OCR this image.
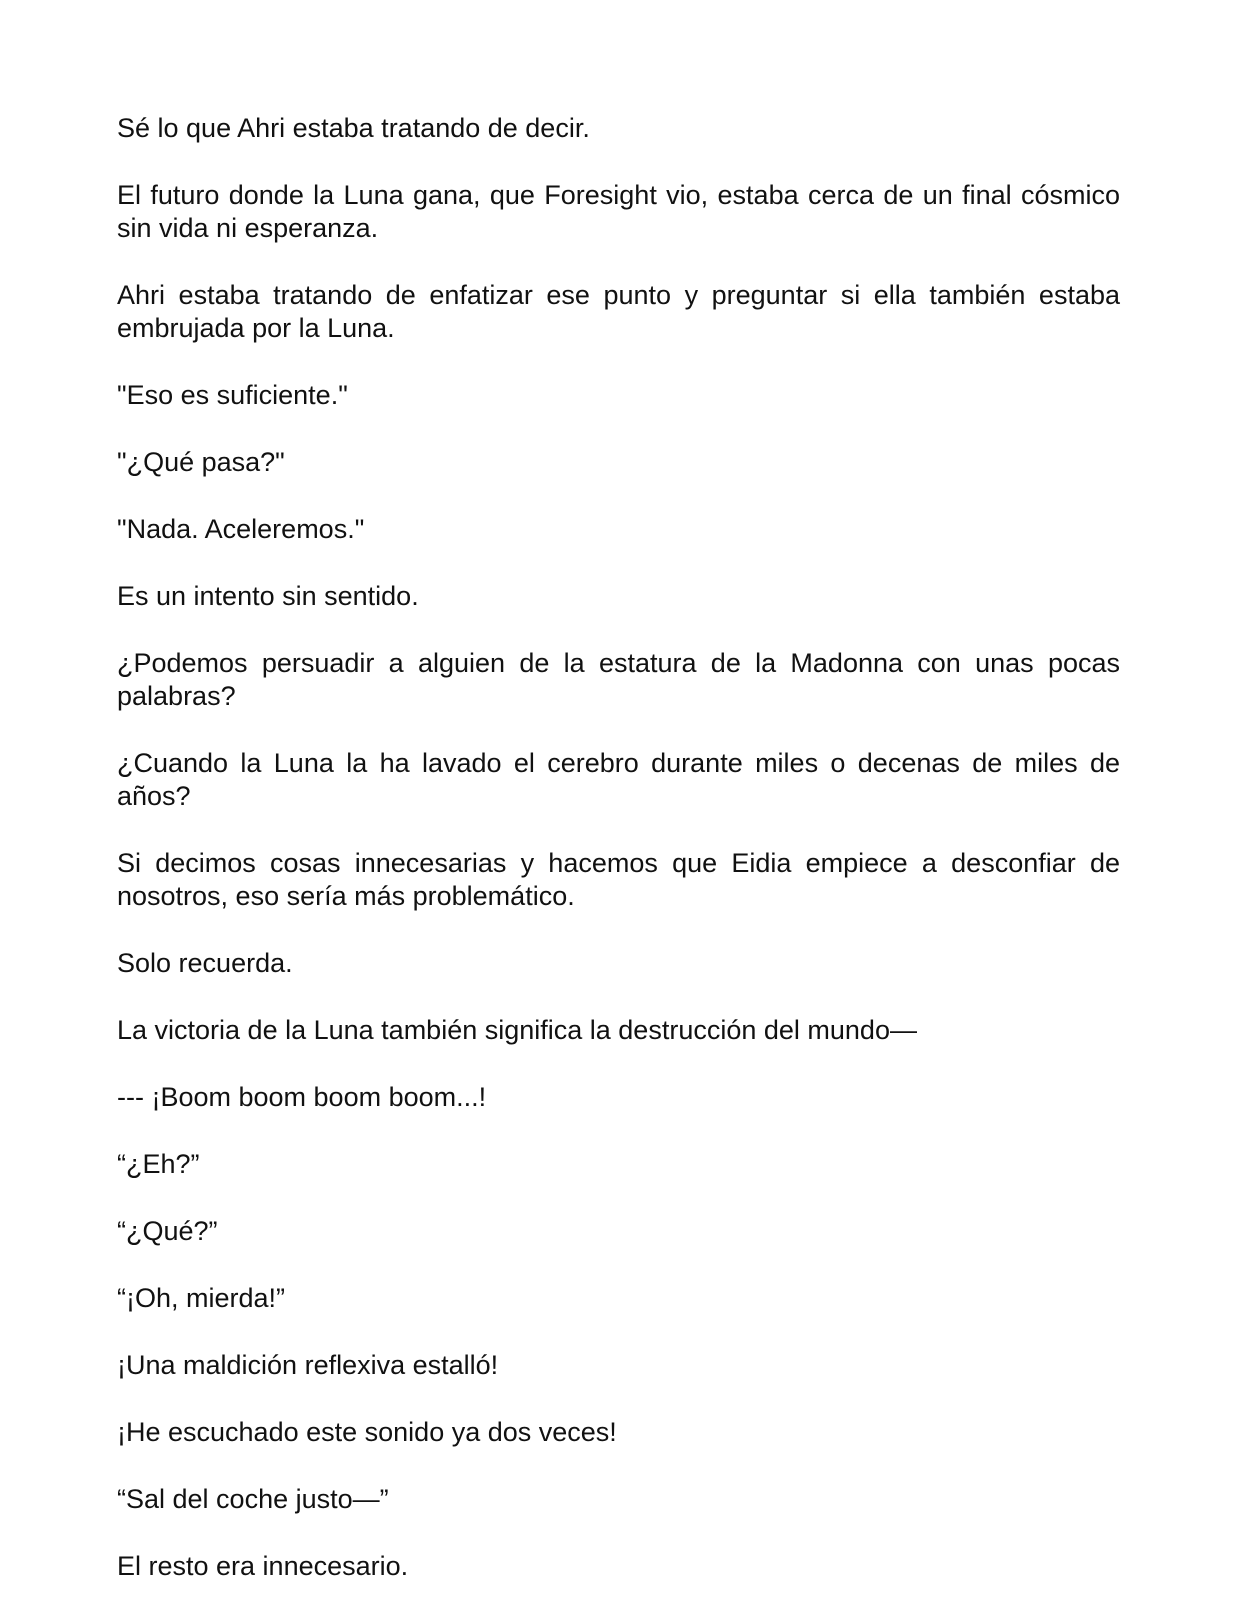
Sé lo que Ahri estaba tratando de decir.

El futuro donde la Luna gana, que Foresight vio, estaba cerca de un final cósmico sin vida ni esperanza.

Ahri estaba tratando de enfatizar ese punto y preguntar si ella también estaba embrujada por la Luna.

"Eso es suficiente."

"¿Qué pasa?"

"Nada. Aceleremos."

Es un intento sin sentido.

¿Podemos persuadir a alguien de la estatura de la Madonna con unas pocas palabras?

¿Cuando la Luna la ha lavado el cerebro durante miles o decenas de miles de años?

Si decimos cosas innecesarias y hacemos que Eidia empiece a desconfiar de nosotros, eso sería más problemático.

Solo recuerda.

La victoria de la Luna también significa la destrucción del mundo—

--- ¡Boom boom boom boom...!

“¿Eh?”

“¿Qué?”

“¡Oh, mierda!”

¡Una maldición reflexiva estalló!

¡He escuchado este sonido ya dos veces!

“Sal del coche justo—”

El resto era innecesario.
